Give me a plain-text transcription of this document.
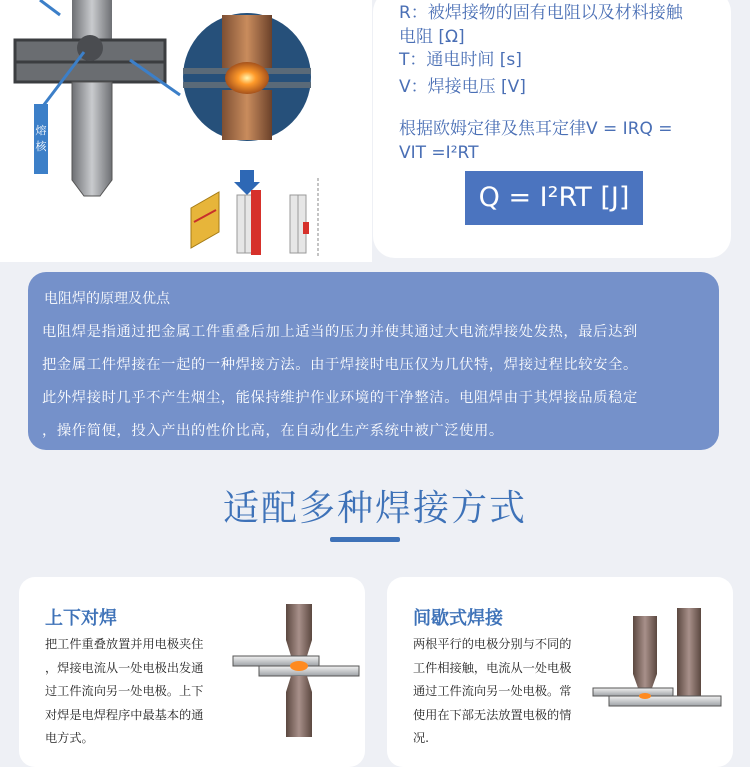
熔
核
R：被焊接物的固有电阻以及材料接触
电阻 [Ω]
T：通电时间 [s]
V：焊接电压 [V]
根据欧姆定律及焦耳定律V = IRQ =
VIT =I²RT
Q = I²RT [J]
电阻焊的原理及优点
电阻焊是指通过把金属工件重叠后加上适当的压力并使其通过大电流焊接处发热，最后达到
把金属工件焊接在一起的一种焊接方法。由于焊接时电压仅为几伏特，焊接过程比较安全。
此外焊接时几乎不产生烟尘，能保持维护作业环境的干净整洁。电阻焊由于其焊接品质稳定
，操作简便，投入产出的性价比高，在自动化生产系统中被广泛使用。
适配多种焊接方式
上下对焊
把工件重叠放置并用电极夹住
，焊接电流从一处电极出发通
过工件流向另一处电极。上下
对焊是电焊程序中最基本的通
电方式。
间歇式焊接
两根平行的电极分别与不同的
工件相接触，电流从一处电极
通过工件流向另一处电极。常
使用在下部无法放置电极的情
况.
